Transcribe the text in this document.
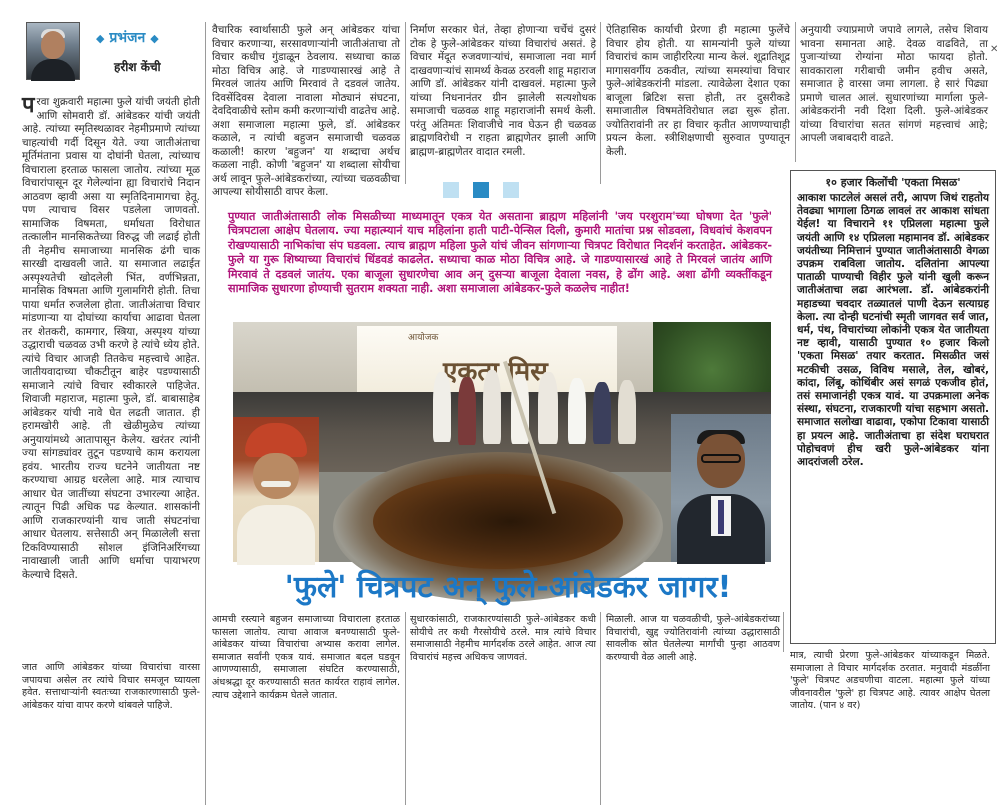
◆ प्रभंजन ◆
हरीश केंची

परवा शुक्रवारी महात्मा फुले यांची जयंती होती आणि सोमवारी डॉ. आंबेडकर यांची जयंती आहे. त्यांच्या स्मृतिस्थळावर नेहमीप्रमाणे त्यांच्या चाहत्यांची गर्दी दिसून येते. ज्या जातीअंताचा मूर्तिमंताना प्रवास या दोघांनी घेतला, त्यांच्याच विचाराला हरताळ फासला जातोय. त्यांच्या मूळ विचारांपासून दूर गेलेल्यांना ह्या विचारांचे निदान आठवण व्हावी असा या स्मृतिदिनामागचा हेतू. पण त्याचाच विसर पडलेला जाणवतो. सामाजिक विषमता, धर्माधता विरोधात तत्कालीन मानसिकतेच्या विरुद्ध जी लढाई होती ती नेहमीच समाजाच्या मानसिक ढंगी चाक सारखी दाखवली जाते. या समाजात लढाईत अस्पृश्यतेची खोदलेली भिंत, वर्णभिन्नता, मानसिक विषमता आणि गुलामगिरी होती. तिचा पाया धर्मात रुजलेला होता. जातीअंताचा विचार मांडणाऱ्या या दोघांच्या कार्याचा आढावा घेतला तर शेतकरी, कामगार, स्त्रिया, अस्पृश्य यांच्या उद्धाराची चळवळ उभी करणे हे त्यांचे ध्येय होते. त्यांचे विचार आजही तितकेच महत्त्वाचे आहेत. जातीयवादाच्या चौकटीतून बाहेर पडण्यासाठी समाजाने त्यांचे विचार स्वीकारले पाहिजेत. शिवाजी महाराज, महात्मा फुले, डॉ. बाबासाहेब आंबेडकर यांची नावे घेत लढती जातात. ही हरामखोरी आहे. ती खेळीमुळेच त्यांच्या अनुयायांमध्ये आतापासून केलेय. खरंतर त्यांनी ज्या सांगड्यांवर तुटून पडण्याचे काम करायला हवंय. भारतीय राज्य घटनेने जातीयता नष्ट करण्याचा आग्रह धरलेला आहे. मात्र त्याचाच आधार घेत जातींच्या संघटना उभारल्या आहेत. त्यातून पिढी अधिक पढ केल्यात. शासकांनी आणि राजकारण्यांनी याच जाती संघटनांचा आधार घेतलाय. सत्तेसाठी अन् मिळालेली सत्ता टिकविण्यासाठी सोशल इंजिनिअरिंगच्या नावाखाली जाती आणि धर्माचा पायाभरण केल्याचे दिसते.

जात आणि आंबेडकर यांच्या विचारांचा वारसा जपायचा असेल तर त्यांचे विचार समजून घ्यायला हवेत. सत्ताधाऱ्यांनी स्वतःच्या राजकारणासाठी फुले-आंबेडकर यांचा वापर करणे थांबवले पाहिजे.

वैचारिक स्वार्थासाठी फुले अन् आंबेडकर यांचा विचार करणाऱ्या, सरसावणाऱ्यांनी जातीअंताचा तो विचार कधीच गुंडाळून ठेवलाय. सध्याचा काळ मोठा विचित्र आहे. जे गाडण्यासारखं आहे ते मिरवलं जातंय आणि मिरवावं ते दडवलं जातेय. दिवसेंदिवस देवाला नावाला मोठ्यानं संघटना, देवदिवाळीचे स्तोम कमी करणाऱ्यांची वाढतेच आहे. अशा समाजाला महात्मा फुले, डॉ. आंबेडकर कळाले, न त्यांची बहुजन समाजाची चळवळ कळाली! कारण 'बहुजन' या शब्दाचा अर्थच कळला नाही. कोणी 'बहुजन' या शब्दाला सोयीचा अर्थ लावून फुले-आंबेडकरांच्या, त्यांच्या चळवळीचा आपल्या सोयीसाठी वापर केला.

निर्माण सरकार घेतं, तेव्हा होणाऱ्या चर्चेचं दुसरं टोक हे फुले-आंबेडकर यांच्या विचारांचं असतं. हे विचार मेंदूत रुजवणाऱ्यांचं, समाजाला नवा मार्ग दाखवणाऱ्यांचं सामर्थ्य केवळ ठरवली शाहू महाराज आणि डॉ. आंबेडकर यांनी दाखवलं. महात्मा फुले यांच्या निधनानंतर ग्रीन झालेली सत्यशोधक समाजाची चळवळ शाहू महाराजांनी समर्थ केली. परंतु अंतिमतः शिवाजीचे नाव घेऊन ही चळवळ ब्राह्मणविरोधी न राहता ब्राह्मणेतर झाली आणि ब्राह्मण-ब्राह्मणेतर वादात रमली.

ऐतिहासिक कार्याची प्रेरणा ही महात्मा फुलेंचे विचार होय होती. या सामन्यांनी फुले यांच्या विचारांचं काम जाहीररित्या मान्य केलं. शूद्रातिशूद्र मागासवर्गीय ठकवीत, त्यांच्या समस्यांचा विचार फुले-आंबेडकरांनी मांडला. त्यावेळेला देशात एका बाजूला ब्रिटिश सत्ता होती, तर दुसरीकडे समाजातील विषमतेविरोधात लढा सुरू होता. ज्योतिरावांनी तर हा विचार कृतीत आणण्याचाही प्रयत्न केला. स्त्रीशिक्षणाची सुरुवात पुण्यातून केली.

अनुयायी ज्याप्रमाणे जपावे लागले, तसेच शिवाय भावना समानता आहे. देवळ वाढविते, ता पुजाऱ्यांच्या रोग्यांना मोठा फायदा होतो. सावकाराला गरीबाची जमीन हवीच असते, समाजात हे वारसा जमा लागला. हे सारं पिढ्या प्रमाणे चालत आलं. सुधारणांच्या मार्गाला फुले-आंबेडकरांनी नवी दिशा दिली. फुले-आंबेडकर यांच्या विचारांचा सतत सांगणं महत्त्वाचं आहे; आपली जबाबदारी वाढते.

✕
पुण्यात जातीअंतासाठी लोक मिसळीच्या माध्यमातून एकत्र येत असताना ब्राह्मण महिलांनी 'जय परशुराम'च्या घोषणा देत 'फुले' चित्रपटाला आक्षेप घेतलाय. ज्या महात्म्यानं याच महिलांना हाती पाटी-पेन्सिल दिली, कुमारी मातांचा प्रश्न सोडवला, विधवांचं केशवपन रोखण्यासाठी नाभिकांचा संप घडवला. त्याच ब्राह्मण महिला फुले यांचं जीवन सांगणाऱ्या चित्रपट विरोधात निदर्शनं करताहेत. आंबेडकर-फुले या गुरू शिष्याच्या विचारांचं धिंडवडं काढलेत. सध्याचा काळ मोठा विचित्र आहे. जे गाडण्यासारखं आहे ते मिरवलं जातंय आणि मिरवावं ते दडवलं जातंय. एका बाजूला सुधारणेचा आव अन् दुसऱ्या बाजूला देवाला नवस, हे ढोंग आहे. अशा ढोंगी व्यक्तींकडून सामाजिक सुधारणा होण्याची सुतराम शक्यता नाही. अशा समाजाला आंबेडकर-फुले कळलेच नाहीत!
आयोजक
एकता मिस
'फुले' चित्रपट अन् फुले-आंबेडकर जागर!
१० हजार किलोंची 'एकता मिसळ'
आकाश फाटलेलं असलं तरी, आपण जिथं राहतोय तेवढ्या भागाला ठिगळ लावलं तर आकाश सांधता येईल! या विचाराने ११ एप्रिलला महात्मा फुले जयंती आणि १४ एप्रिलला महामानव डॉ. आंबेडकर जयंतीच्या निमित्तानं पुण्यात जातीअंतासाठी वेगळा उपक्रम राबविला जातोय. दलितांना आपल्या पाताळी पाण्याची विहीर फुले यांनी खुली करून जातीअंताचा लढा आरंभला. डॉ. आंबेडकरांनी महाडच्या चवदार तळ्यातलं पाणी देऊन सत्याग्रह केला. त्या दोन्ही घटनांची स्मृती जागवत सर्व जात, धर्म, पंथ, विचारांच्या लोकांनी एकत्र येत जातीयता नष्ट व्हावी, यासाठी पुण्यात १० हजार किलो 'एकता मिसळ' तयार करतात. मिसळीत जसं मटकीची उसळ, विविध मसाले, तेल, खोबरं, कांदा, लिंबू, कोथिंबीर असं सगळं एकजीव होतं, तसं समाजानंही एकत्र यावं. या उपक्रमाला अनेक संस्था, संघटना, राजकारणी यांचा सहभाग असतो. समाजात सलोखा वाढावा, एकोपा टिकावा यासाठी हा प्रयत्न आहे. जातीअंताचा हा संदेश घराघरात पोहोचवणं हीच खरी फुले-आंबेडकर यांना आदरांजली ठरेल.

आमची रस्त्याने बहुजन समाजाच्या विचाराला हरताळ फासला जातोय. त्याचा आवाज बनण्यासाठी फुले-आंबेडकर यांच्या विचारांचा अभ्यास करावा लागेल. समाजात सर्वांनी एकत्र यावं. समाजात बदल घडवून आणण्यासाठी, समाजाला संघटित करण्यासाठी, अंधश्रद्धा दूर करण्यासाठी सतत कार्यरत राहावं लागेल. त्याच उद्देशाने कार्यक्रम घेतले जातात.

सुधारकांसाठी, राजकारण्यांसाठी फुले-आंबेडकर कधी सोयीचे तर कधी गैरसोयीचे ठरले. मात्र त्यांचे विचार समाजासाठी नेहमीच मार्गदर्शक ठरले आहेत. आज त्या विचारांचं महत्त्व अधिकच जाणवतं.

मिळाली. आज या चळवळीची, फुले-आंबेडकरांच्या विचारांची, खुद्द ज्योतिरावांनी त्यांच्या उद्धारासाठी सावलीक स्रोत घेतलेल्या मार्गांची पुन्हा आठवण करण्याची वेळ आली आहे.	मात्र, त्याची प्रेरणा फुले-आंबेडकर यांच्याकडून मिळते. समाजाला ते विचार मार्गदर्शक ठरतात. मनुवादी मंडळींना 'फुले' चित्रपट अडचणीचा वाटला. महात्मा फुले यांच्या जीवनावरील 'फुले' हा चित्रपट आहे. त्यावर आक्षेप घेतला जातोय. (पान ४ वर)
